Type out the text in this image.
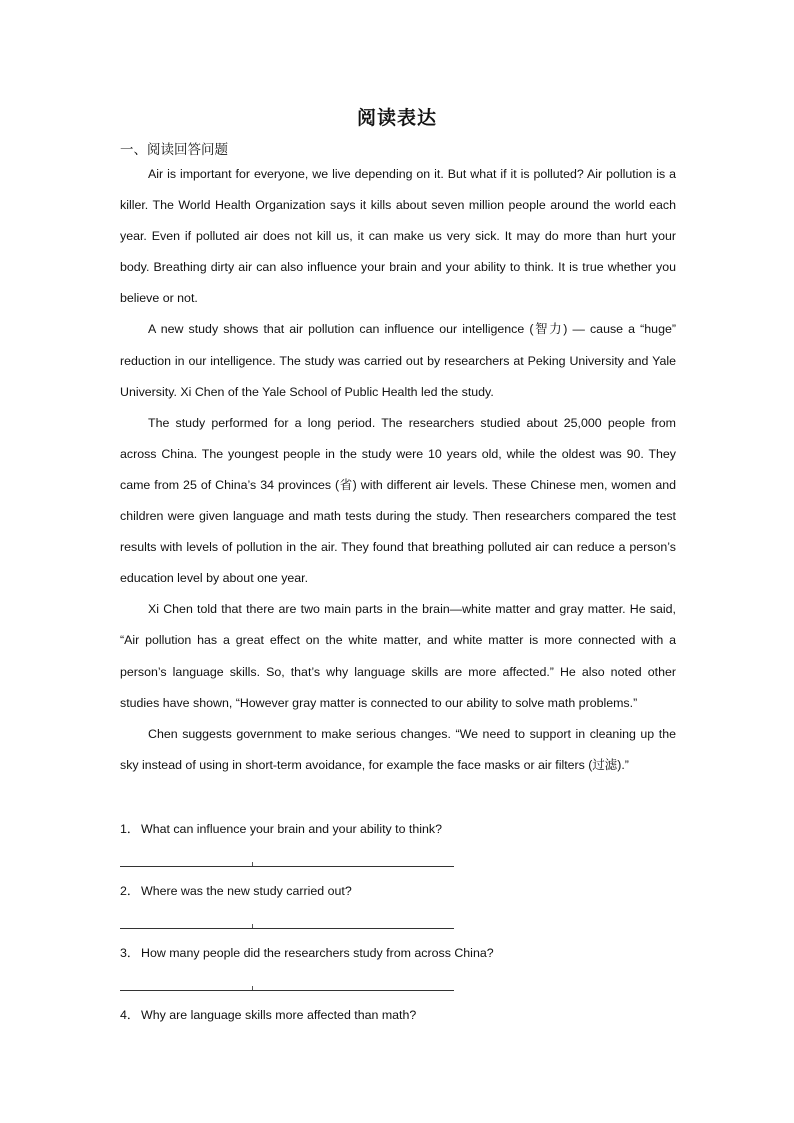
阅读表达
一、阅读回答问题

Air is important for everyone, we live depending on it. But what if it is polluted? Air pollution is a killer. The World Health Organization says it kills about seven million people around the world each year. Even if polluted air does not kill us, it can make us very sick. It may do more than hurt your body. Breathing dirty air can also influence your brain and your ability to think. It is true whether you believe or not.

A new study shows that air pollution can influence our intelligence (智力) — cause a “huge” reduction in our intelligence. The study was carried out by researchers at Peking University and Yale University. Xi Chen of the Yale School of Public Health led the study.

The study performed for a long period. The researchers studied about 25,000 people from across China. The youngest people in the study were 10 years old, while the oldest was 90. They came from 25 of China’s 34 provinces (省) with different air levels. These Chinese men, women and children were given language and math tests during the study. Then researchers compared the test results with levels of pollution in the air. They found that breathing polluted air can reduce a person’s education level by about one year.

Xi Chen told that there are two main parts in the brain—white matter and gray matter. He said, “Air pollution has a great effect on the white matter, and white matter is more connected with a person’s language skills. So, that’s why language skills are more affected.” He also noted other studies have shown, “However gray matter is connected to our ability to solve math problems.”

Chen suggests government to make serious changes. “We need to support in cleaning up the sky instead of using in short-term avoidance, for example the face masks or air filters (过滤).”

1． What can influence your brain and your ability to think?
2． Where was the new study carried out?
3． How many people did the researchers study from across China?
4． Why are language skills more affected than math?
